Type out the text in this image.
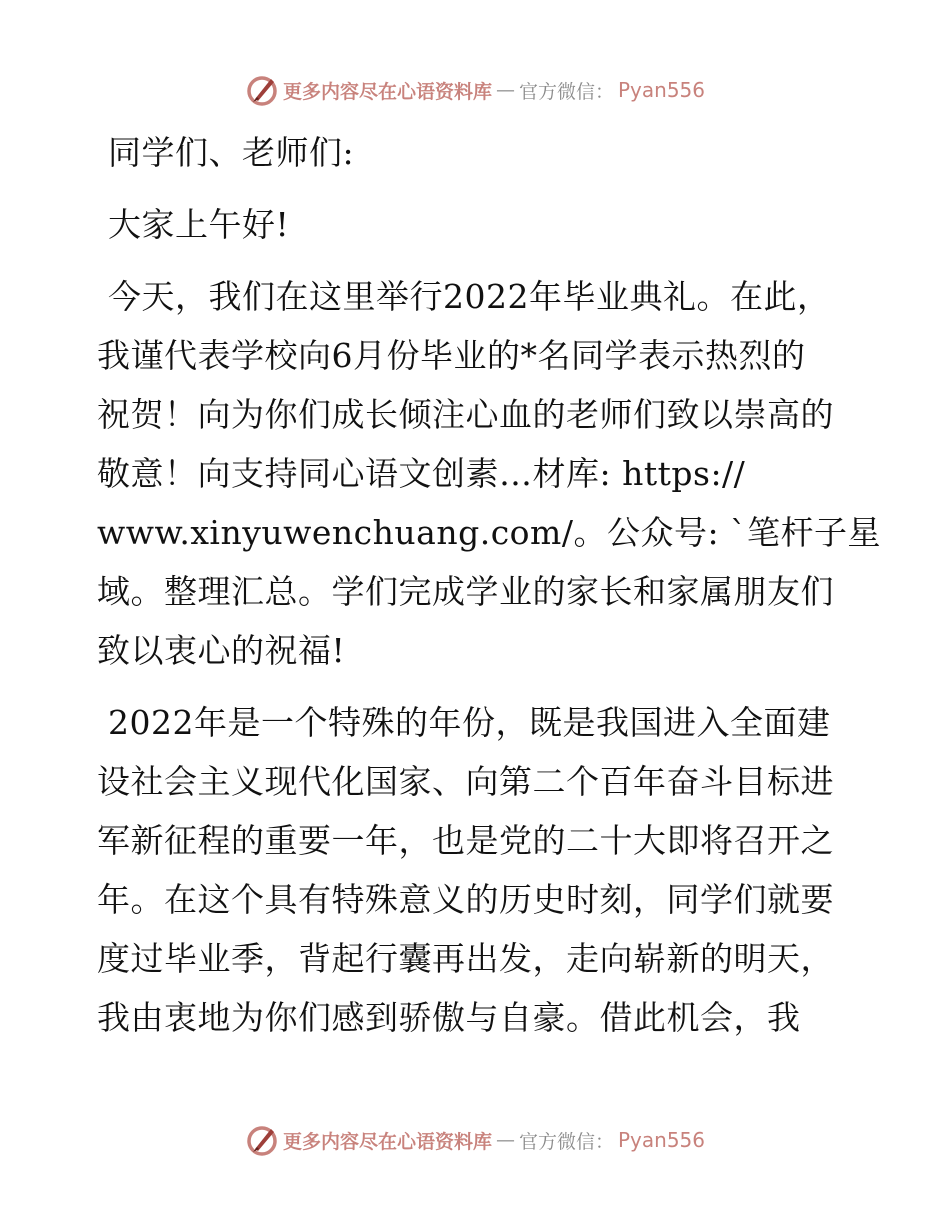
更多内容尽在心语资料库 — 官方微信： Pyan556
同学们、老师们:
大家上午好!
今天，我们在这里举行2022年毕业典礼。在此，
我谨代表学校向6月份毕业的*名同学表示热烈的
祝贺！向为你们成长倾注心血的老师们致以崇高的
敬意！向支持同心语文创素…材库: https://
www.xinyuwenchuang.com/。公众号: `笔杆子星
域。整理汇总。学们完成学业的家长和家属朋友们
致以衷心的祝福!
2022年是一个特殊的年份，既是我国进入全面建
设社会主义现代化国家、向第二个百年奋斗目标进
军新征程的重要一年，也是党的二十大即将召开之
年。在这个具有特殊意义的历史时刻，同学们就要
度过毕业季，背起行囊再出发，走向崭新的明天，
我由衷地为你们感到骄傲与自豪。借此机会，我
更多内容尽在心语资料库 — 官方微信： Pyan556
